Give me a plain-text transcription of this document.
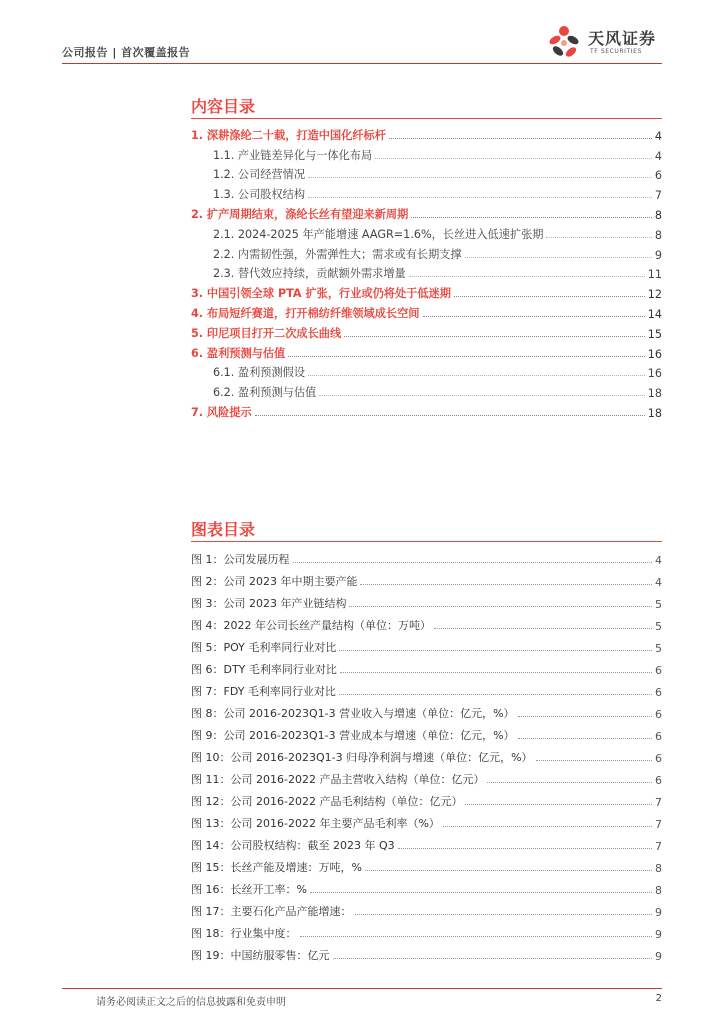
公司报告 | 首次覆盖报告
天风证券
TF SECURITIES
内容目录
1. 深耕涤纶二十载，打造中国化纤标杆	4
1.1. 产业链差异化与一体化布局	4
1.2. 公司经营情况	6
1.3. 公司股权结构	7
2. 扩产周期结束，涤纶长丝有望迎来新周期	8
2.1. 2024-2025 年产能增速 AAGR=1.6%，长丝进入低速扩张期	8
2.2. 内需韧性强，外需弹性大；需求或有长期支撑	9
2.3. 替代效应持续，贡献额外需求增量	11
3. 中国引领全球 PTA 扩张，行业或仍将处于低迷期	12
4. 布局短纤赛道，打开棉纺纤维领域成长空间	14
5. 印尼项目打开二次成长曲线	15
6. 盈利预测与估值	16
6.1. 盈利预测假设	16
6.2. 盈利预测与估值	18
7. 风险提示	18
图表目录
图 1：公司发展历程	4
图 2：公司 2023 年中期主要产能	4
图 3：公司 2023 年产业链结构	5
图 4：2022 年公司长丝产量结构（单位：万吨）	5
图 5：POY 毛利率同行业对比	5
图 6：DTY 毛利率同行业对比	6
图 7：FDY 毛利率同行业对比	6
图 8：公司 2016-2023Q1-3 营业收入与增速（单位：亿元，%）	6
图 9：公司 2016-2023Q1-3 营业成本与增速（单位：亿元，%）	6
图 10：公司 2016-2023Q1-3 归母净利润与增速（单位：亿元，%）	6
图 11：公司 2016-2022 产品主营收入结构（单位：亿元）	6
图 12：公司 2016-2022 产品毛利结构（单位：亿元）	7
图 13：公司 2016-2022 年主要产品毛利率（%）	7
图 14：公司股权结构：截至 2023 年 Q3	7
图 15：长丝产能及增速：万吨，%	8
图 16：长丝开工率：%	8
图 17：主要石化产品产能增速：	9
图 18：行业集中度：	9
图 19：中国纺服零售：亿元	9
请务必阅读正文之后的信息披露和免责申明	2
